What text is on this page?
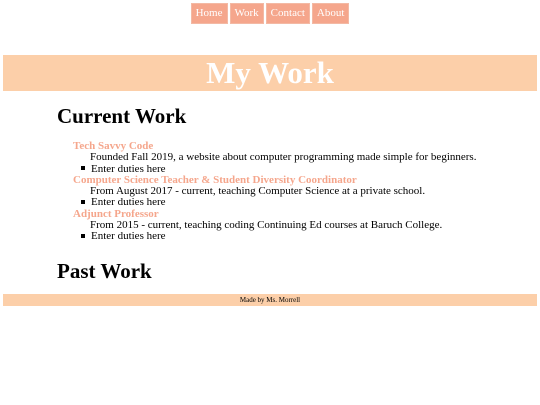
Home Work Contact About
My Work
Current Work
Tech Savvy Code
Founded Fall 2019, a website about computer programming made simple for beginners.
Enter duties here
Computer Science Teacher & Student Diversity Coordinator
From August 2017 - current, teaching Computer Science at a private school.
Enter duties here
Adjunct Professor
From 2015 - current, teaching coding Continuing Ed courses at Baruch College.
Enter duties here
Past Work
Made by Ms. Morrell
